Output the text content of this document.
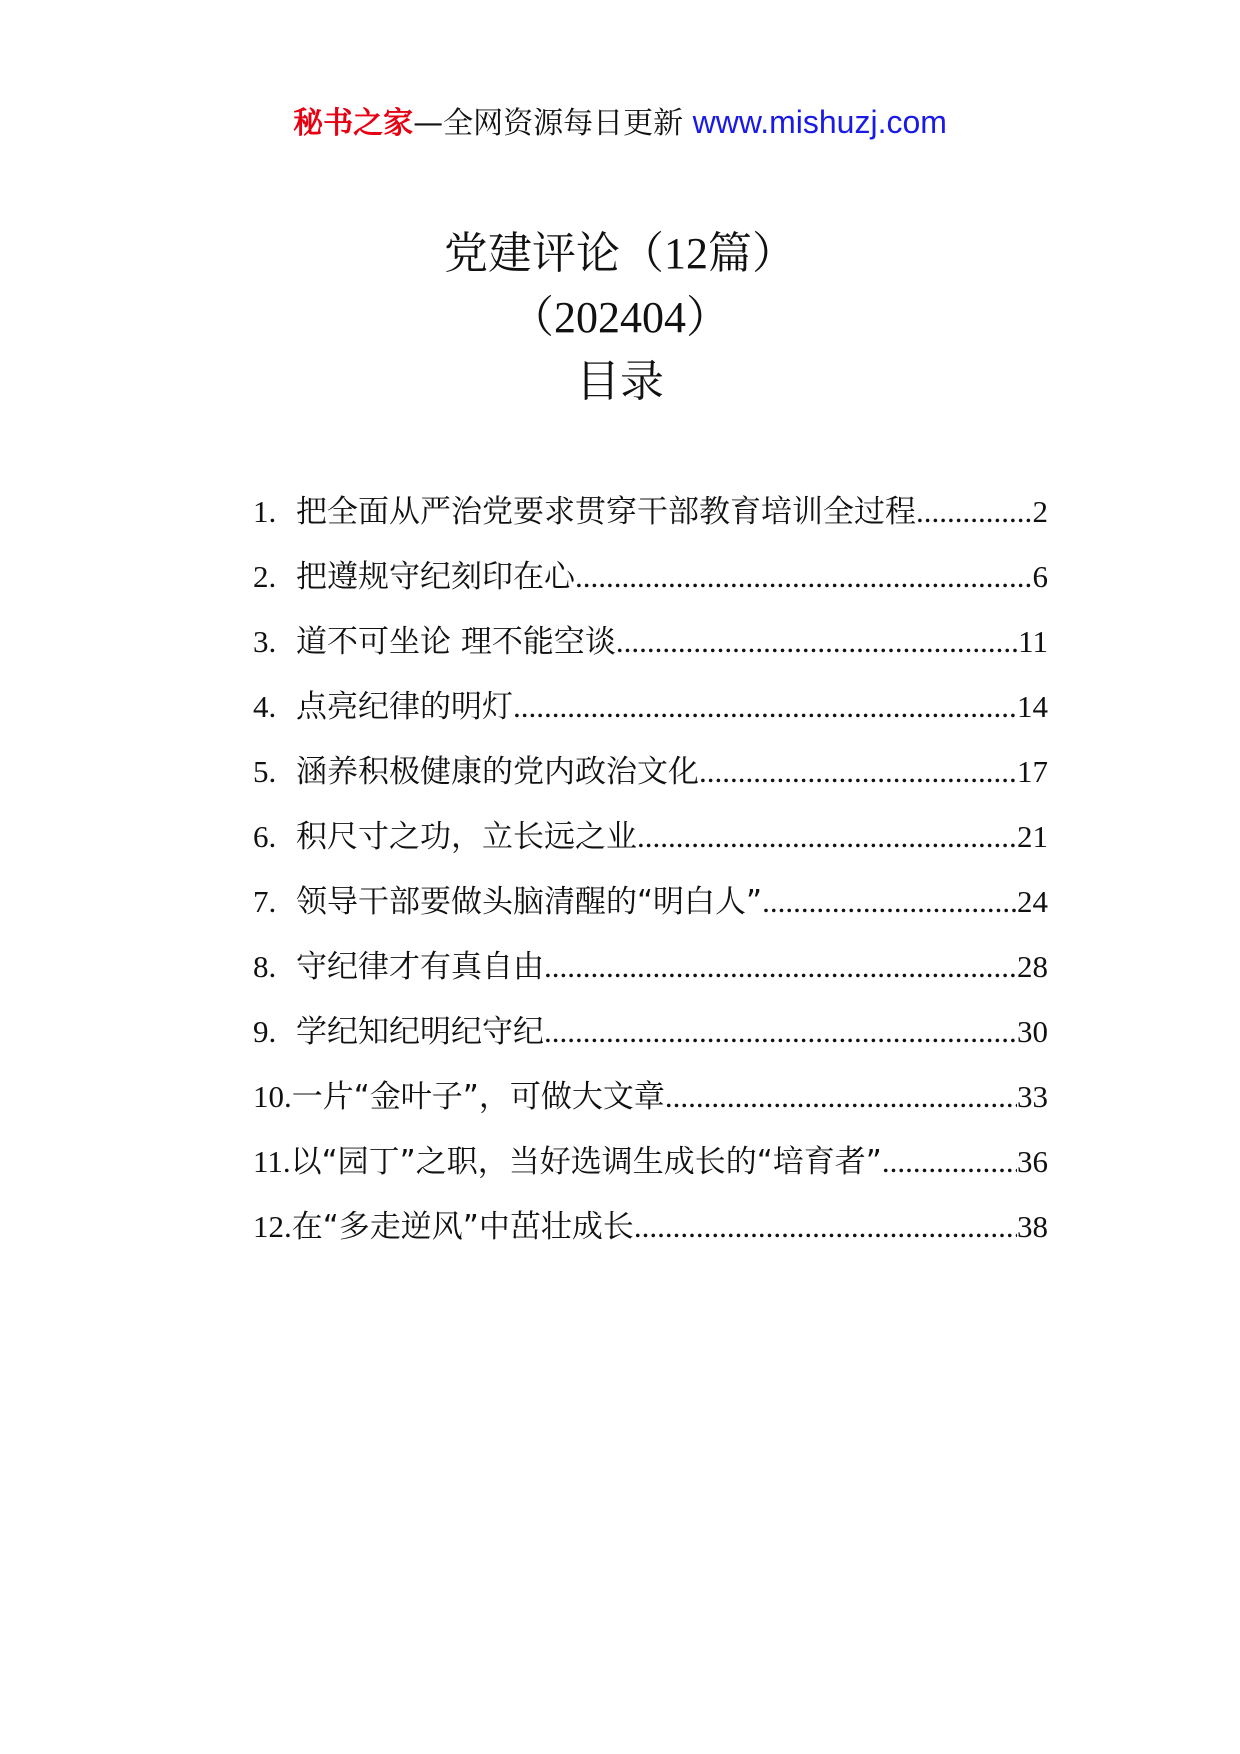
秘书之家—全网资源每日更新 www.mishuzj.com
党建评论（12篇）
（202404）
目录
1. 把全面从严治党要求贯穿干部教育培训全过程 .....	2
2. 把遵规守纪刻印在心 .....	6
3. 道不可坐论 理不能空谈 .....	11
4. 点亮纪律的明灯 .....	14
5. 涵养积极健康的党内政治文化 .....	17
6. 积尺寸之功，立长远之业 .....	21
7. 领导干部要做头脑清醒的“明白人” .....	24
8. 守纪律才有真自由 .....	28
9. 学纪知纪明纪守纪 .....	30
10. 一片“金叶子”，可做大文章 .....	33
11. 以“园丁”之职，当好选调生成长的“培育者” .....	36
12. 在“多走逆风”中茁壮成长 .....	38
